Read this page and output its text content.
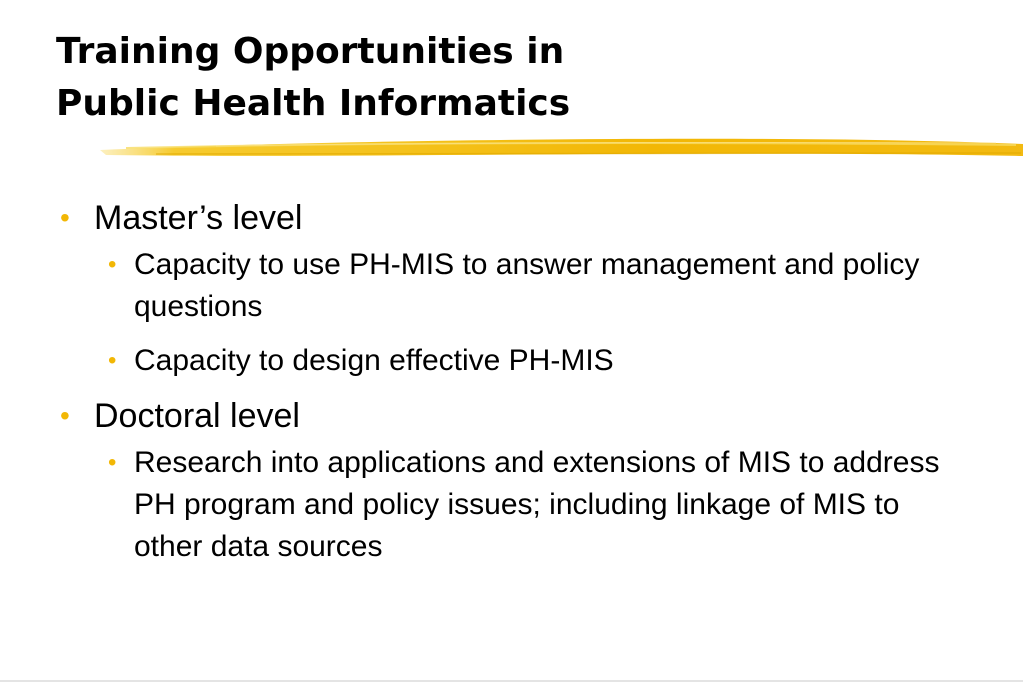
Training Opportunities in
Public Health Informatics
• Master’s level
• Capacity to use PH-MIS to answer management and policy questions
• Capacity to design effective PH-MIS
• Doctoral level
• Research into applications and extensions of MIS to address PH program and policy issues; including linkage of MIS to other data sources
